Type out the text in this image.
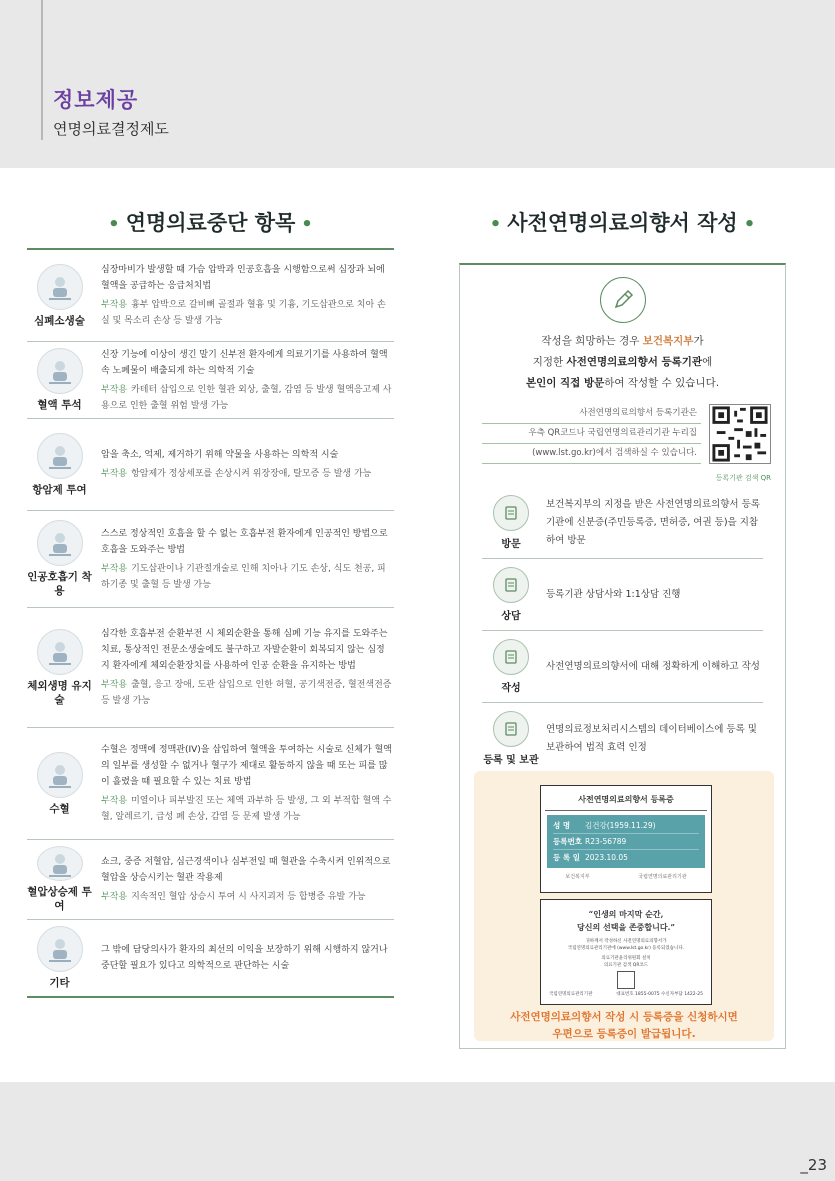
정보제공
연명의료결정제도
• 연명의료중단 항목 •
심폐소생술
심장마비가 발생할 때 가슴 압박과 인공호흡을 시행함으로써 심장과 뇌에 혈액을 공급하는 응급처치법
부작용 흉부 압박으로 갈비뼈 골절과 혈흉 및 기흉, 기도삽관으로 치아 손실 및 목소리 손상 등 발생 가능
혈액 투석
신장 기능에 이상이 생긴 말기 신부전 환자에게 의료기기를 사용하여 혈액 속 노폐물이 배출되게 하는 의학적 기술
부작용 카테터 삽입으로 인한 혈관 외상, 출혈, 감염 등 발생 혈액응고제 사용으로 인한 출혈 위험 발생 가능
항암제 투여
암을 축소, 억제, 제거하기 위해 약물을 사용하는 의학적 시술
부작용 항암제가 정상세포를 손상시켜 위장장애, 탈모증 등 발생 가능
인공호흡기 착용
스스로 정상적인 호흡을 할 수 없는 호흡부전 환자에게 인공적인 방법으로 호흡을 도와주는 방법
부작용 기도삽관이나 기관절개술로 인해 치아나 기도 손상, 식도 천공, 피하기종 및 출혈 등 발생 가능
체외생명 유지술
심각한 호흡부전 순환부전 시 체외순환을 통해 심폐 기능 유지를 도와주는 치료, 통상적인 전문소생술에도 불구하고 자발순환이 회복되지 않는 심정지 환자에게 체외순환장치를 사용하여 인공 순환을 유지하는 방법
부작용 출혈, 응고 장애, 도관 삽입으로 인한 허혈, 공기색전증, 혈전색전증 등 발생 가능
수혈
수혈은 정맥에 정맥관(IV)을 삽입하여 혈액을 투여하는 시술로 신체가 혈액의 일부를 생성할 수 없거나 혈구가 제대로 활동하지 않을 때 또는 피를 많이 흘렸을 때 필요할 수 있는 치료 방법
부작용 미열이나 피부발진 또는 체액 과부하 등 발생, 그 외 부적합 혈액 수혈, 알레르기, 급성 폐 손상, 감염 등 문제 발생 가능
혈압상승제 투여
쇼크, 중증 저혈압, 심근경색이나 심부전일 때 혈관을 수축시켜 인위적으로 혈압을 상승시키는 혈관 작용제
부작용 지속적인 혈압 상승시 투여 시 사지괴저 등 합병증 유발 가능
기타
그 밖에 담당의사가 환자의 최선의 이익을 보장하기 위해 시행하지 않거나 중단할 필요가 있다고 의학적으로 판단하는 시술
• 사전연명의료의향서 작성 •
작성을 희망하는 경우 보건복지부가
지정한 사전연명의료의향서 등록기관에
본인이 직접 방문하여 작성할 수 있습니다.
사전연명의료의향서 등록기관은
우측 QR코드나 국립연명의료관리기관 누리집
(www.lst.go.kr)에서 검색하실 수 있습니다.
등록기관 검색 QR
방문
보건복지부의 지정을 받은 사전연명의료의향서 등록기관에 신분증(주민등록증, 면허증, 여권 등)을 지참하여 방문
상담
등록기관 상담사와 1:1상담 진행
작성
사전연명의료의향서에 대해 정확하게 이해하고 작성
등록 및 보관
연명의료정보처리시스템의 데이터베이스에 등록 및 보관하여 법적 효력 인정
사전연명의료의향서 등록증
성 명	김건강(1959.11.29)
등록번호 R23-56789
등 록 일 2023.10.05
보건복지부	국립연명의료관리기관
“인생의 마지막 순간,
당신의 선택을 존중합니다.”
귀하께서 작성하신 사전연명의료의향서가
국립연명의료관리기관에 (www.lst.go.kr) 등록되었습니다.
의료기관윤리위원회 설치
의료기관 검색 QR코드
국립연명의료관리기관	대표번호 1855-0075 수신자부담 1422-25
사전연명의료의향서 작성 시 등록증을 신청하시면
우편으로 등록증이 발급됩니다.
_23
